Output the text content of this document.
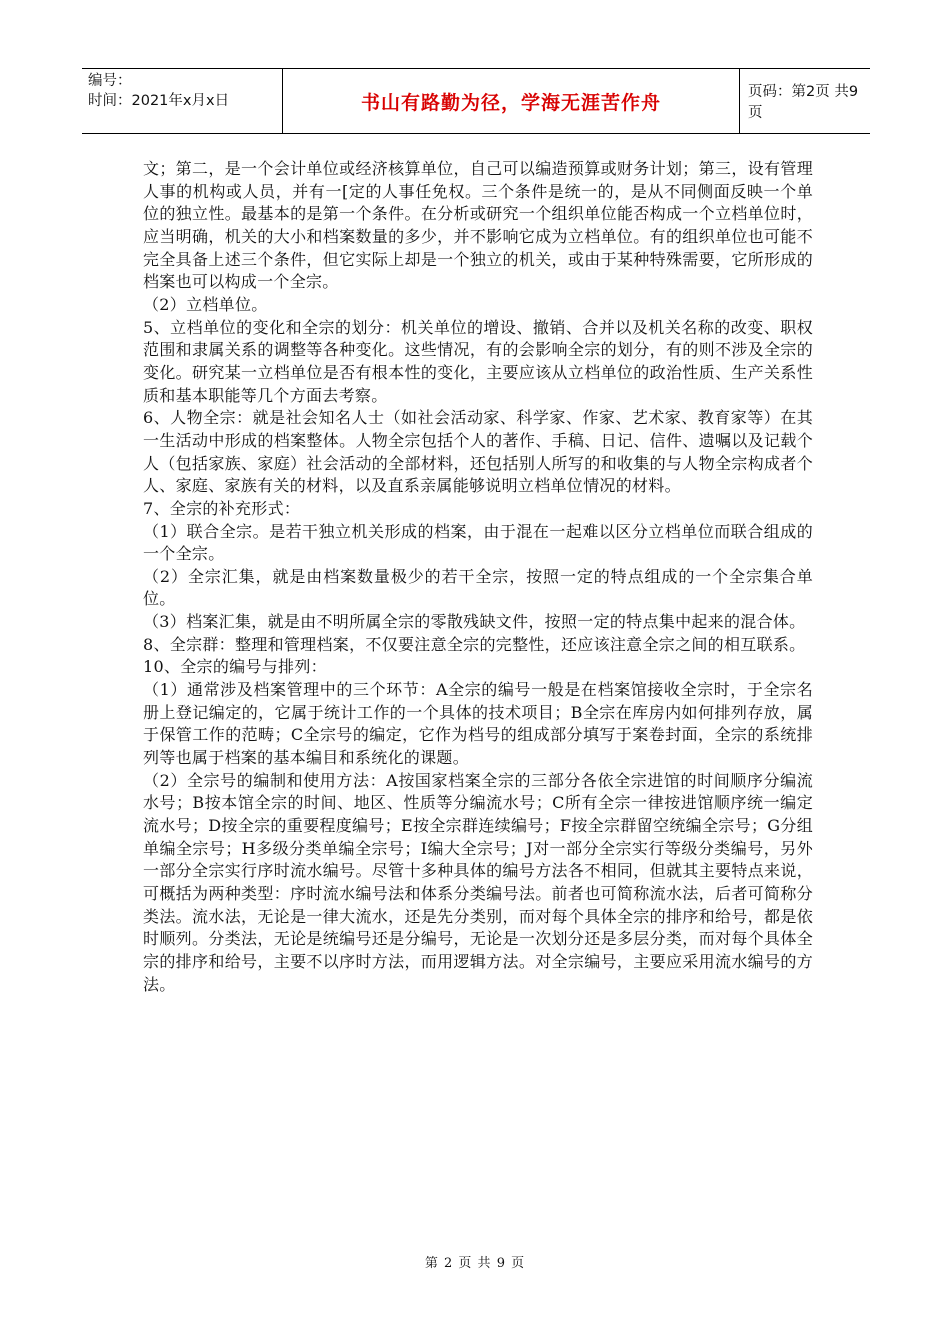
编号：
时间：2021年x月x日	书山有路勤为径，学海无涯苦作舟	页码：第2页 共9页

文；第二，是一个会计单位或经济核算单位，自己可以编造预算或财务计划；第三，设有管理人事的机构或人员，并有一[定的人事任免权。三个条件是统一的，是从不同侧面反映一个单位的独立性。最基本的是第一个条件。在分析或研究一个组织单位能否构成一个立档单位时，应当明确，机关的大小和档案数量的多少，并不影响它成为立档单位。有的组织单位也可能不完全具备上述三个条件，但它实际上却是一个独立的机关，或由于某种特殊需要，它所形成的档案也可以构成一个全宗。

（2）立档单位。

5、立档单位的变化和全宗的划分：机关单位的增设、撤销、合并以及机关名称的改变、职权范围和隶属关系的调整等各种变化。这些情况，有的会影响全宗的划分，有的则不涉及全宗的变化。研究某一立档单位是否有根本性的变化，主要应该从立档单位的政治性质、生产关系性质和基本职能等几个方面去考察。

6、人物全宗：就是社会知名人士（如社会活动家、科学家、作家、艺术家、教育家等）在其一生活动中形成的档案整体。人物全宗包括个人的著作、手稿、日记、信件、遗嘱以及记载个人（包括家族、家庭）社会活动的全部材料，还包括别人所写的和收集的与人物全宗构成者个人、家庭、家族有关的材料，以及直系亲属能够说明立档单位情况的材料。

7、全宗的补充形式：

（1）联合全宗。是若干独立机关形成的档案，由于混在一起难以区分立档单位而联合组成的一个全宗。

（2）全宗汇集，就是由档案数量极少的若干全宗，按照一定的特点组成的一个全宗集合单位。

（3）档案汇集，就是由不明所属全宗的零散残缺文件，按照一定的特点集中起来的混合体。

8、全宗群：整理和管理档案，不仅要注意全宗的完整性，还应该注意全宗之间的相互联系。

10、全宗的编号与排列：

（1）通常涉及档案管理中的三个环节：A全宗的编号一般是在档案馆接收全宗时，于全宗名册上登记编定的，它属于统计工作的一个具体的技术项目；B全宗在库房内如何排列存放，属于保管工作的范畴；C全宗号的编定，它作为档号的组成部分填写于案卷封面，全宗的系统排列等也属于档案的基本编目和系统化的课题。

（2）全宗号的编制和使用方法：A按国家档案全宗的三部分各依全宗进馆的时间顺序分编流水号；B按本馆全宗的时间、地区、性质等分编流水号；C所有全宗一律按进馆顺序统一编定流水号；D按全宗的重要程度编号；E按全宗群连续编号；F按全宗群留空统编全宗号；G分组单编全宗号；H多级分类单编全宗号；I编大全宗号；J对一部分全宗实行等级分类编号，另外一部分全宗实行序时流水编号。尽管十多种具体的编号方法各不相同，但就其主要特点来说，可概括为两种类型：序时流水编号法和体系分类编号法。前者也可简称流水法，后者可简称分类法。流水法，无论是一律大流水，还是先分类别，而对每个具体全宗的排序和给号，都是依时顺列。分类法，无论是统编号还是分编号，无论是一次划分还是多层分类，而对每个具体全宗的排序和给号，主要不以序时方法，而用逻辑方法。对全宗编号，主要应采用流水编号的方法。

第 2 页 共 9 页
